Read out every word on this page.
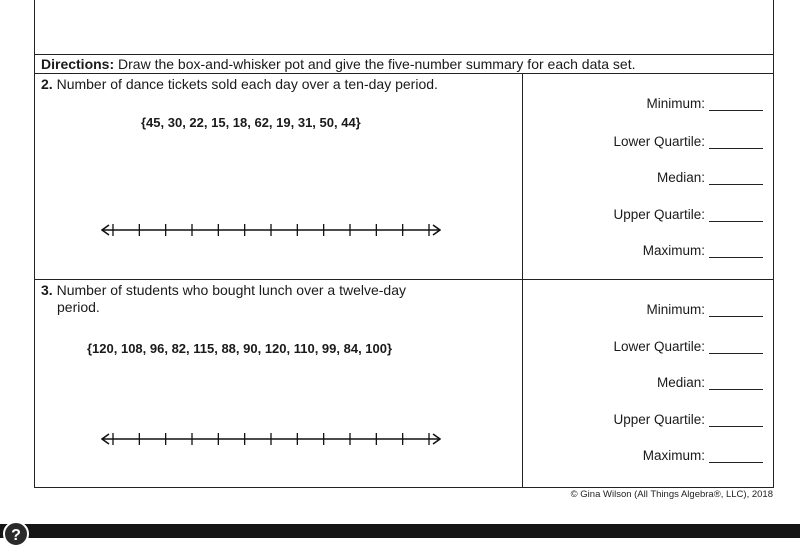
Directions: Draw the box-and-whisker pot and give the five-number summary for each data set.
2. Number of dance tickets sold each day over a ten-day period.
{45, 30, 22, 15, 18, 62, 19, 31, 50, 44}
Minimum:
Lower Quartile:
Median:
Upper Quartile:
Maximum:
3. Number of students who bought lunch over a twelve-day
period.
{120, 108, 96, 82, 115, 88, 90, 120, 110, 99, 84, 100}
Minimum:
Lower Quartile:
Median:
Upper Quartile:
Maximum:
© Gina Wilson (All Things Algebra®, LLC), 2018
?
